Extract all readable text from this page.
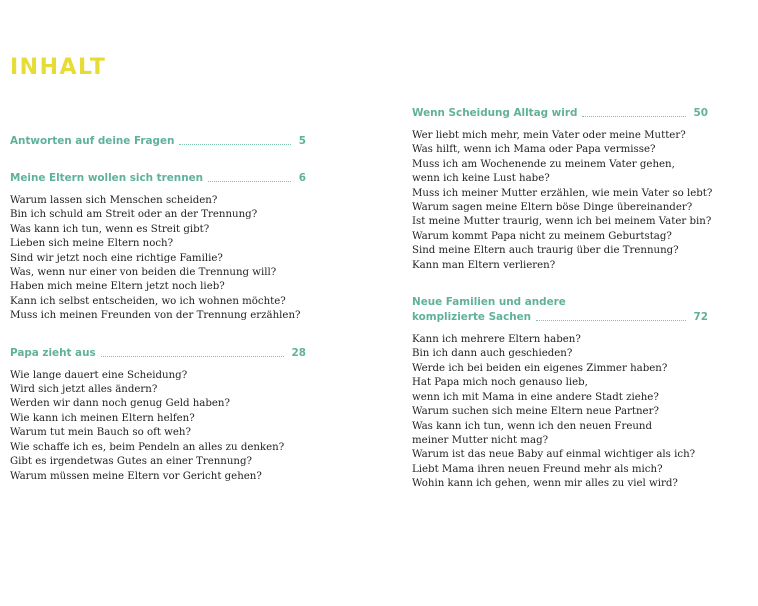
INHALT
Antworten auf deine Fragen	5
Meine Eltern wollen sich trennen	6
Warum lassen sich Menschen scheiden?
Bin ich schuld am Streit oder an der Trennung?
Was kann ich tun, wenn es Streit gibt?
Lieben sich meine Eltern noch?
Sind wir jetzt noch eine richtige Familie?
Was, wenn nur einer von beiden die Trennung will?
Haben mich meine Eltern jetzt noch lieb?
Kann ich selbst entscheiden, wo ich wohnen möchte?
Muss ich meinen Freunden von der Trennung erzählen?
Papa zieht aus	28
Wie lange dauert eine Scheidung?
Wird sich jetzt alles ändern?
Werden wir dann noch genug Geld haben?
Wie kann ich meinen Eltern helfen?
Warum tut mein Bauch so oft weh?
Wie schaffe ich es, beim Pendeln an alles zu denken?
Gibt es irgendetwas Gutes an einer Trennung?
Warum müssen meine Eltern vor Gericht gehen?
Wenn Scheidung Alltag wird	50
Wer liebt mich mehr, mein Vater oder meine Mutter?
Was hilft, wenn ich Mama oder Papa vermisse?
Muss ich am Wochenende zu meinem Vater gehen,
wenn ich keine Lust habe?
Muss ich meiner Mutter erzählen, wie mein Vater so lebt?
Warum sagen meine Eltern böse Dinge übereinander?
Ist meine Mutter traurig, wenn ich bei meinem Vater bin?
Warum kommt Papa nicht zu meinem Geburtstag?
Sind meine Eltern auch traurig über die Trennung?
Kann man Eltern verlieren?
Neue Familien und andere
komplizierte Sachen	72
Kann ich mehrere Eltern haben?
Bin ich dann auch geschieden?
Werde ich bei beiden ein eigenes Zimmer haben?
Hat Papa mich noch genauso lieb,
wenn ich mit Mama in eine andere Stadt ziehe?
Warum suchen sich meine Eltern neue Partner?
Was kann ich tun, wenn ich den neuen Freund
meiner Mutter nicht mag?
Warum ist das neue Baby auf einmal wichtiger als ich?
Liebt Mama ihren neuen Freund mehr als mich?
Wohin kann ich gehen, wenn mir alles zu viel wird?
